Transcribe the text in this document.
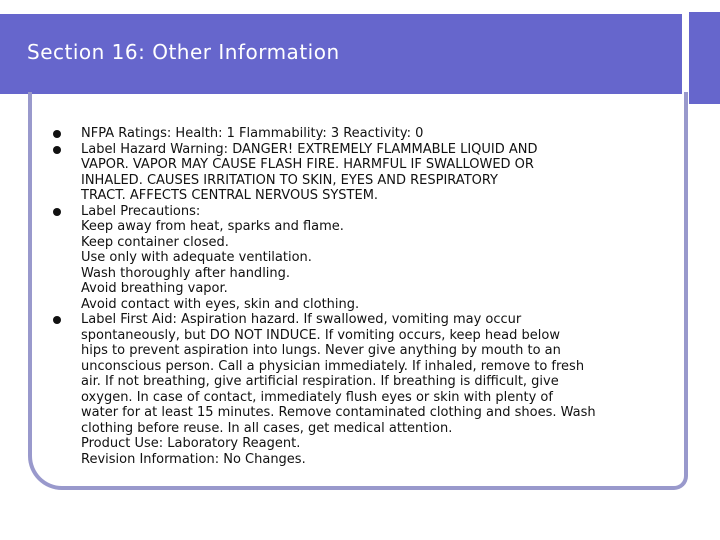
Section 16: Other Information
NFPA Ratings: Health: 1 Flammability: 3 Reactivity: 0
Label Hazard Warning: DANGER! EXTREMELY FLAMMABLE LIQUID AND
VAPOR. VAPOR MAY CAUSE FLASH FIRE. HARMFUL IF SWALLOWED OR
INHALED. CAUSES IRRITATION TO SKIN, EYES AND RESPIRATORY
TRACT. AFFECTS CENTRAL NERVOUS SYSTEM.
Label Precautions:
Keep away from heat, sparks and flame.
Keep container closed.
Use only with adequate ventilation.
Wash thoroughly after handling.
Avoid breathing vapor.
Avoid contact with eyes, skin and clothing.
Label First Aid: Aspiration hazard. If swallowed, vomiting may occur
spontaneously, but DO NOT INDUCE. If vomiting occurs, keep head below
hips to prevent aspiration into lungs. Never give anything by mouth to an
unconscious person. Call a physician immediately. If inhaled, remove to fresh
air. If not breathing, give artificial respiration. If breathing is difficult, give
oxygen. In case of contact, immediately flush eyes or skin with plenty of
water for at least 15 minutes. Remove contaminated clothing and shoes. Wash
clothing before reuse. In all cases, get medical attention.
Product Use: Laboratory Reagent.
Revision Information: No Changes.
